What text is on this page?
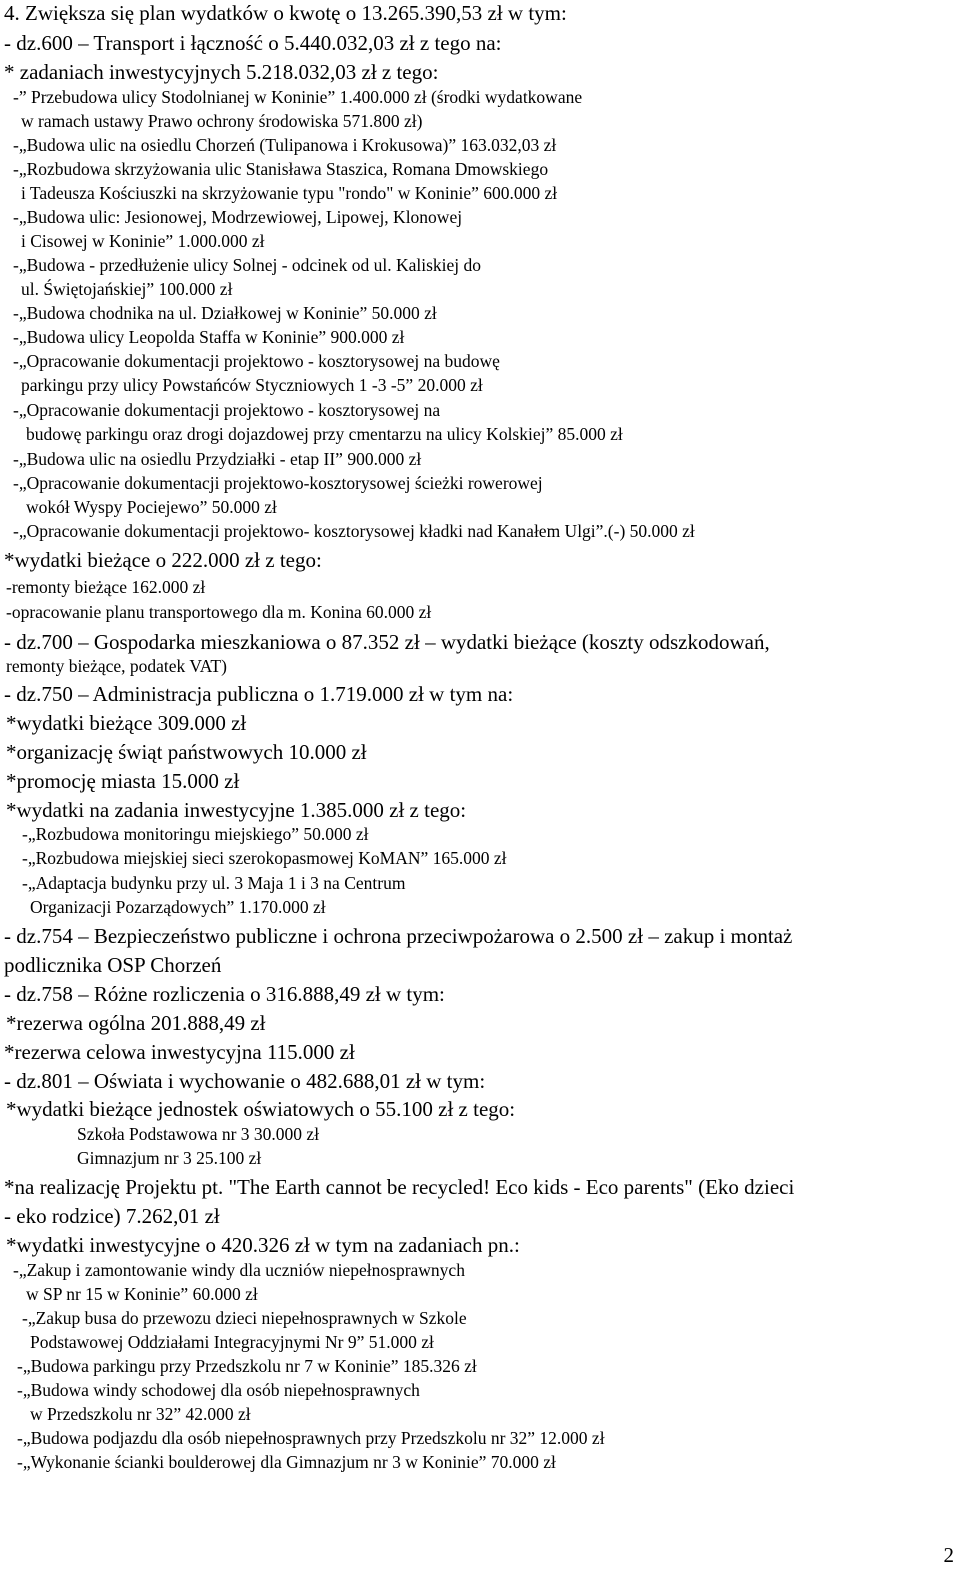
2
4. Zwiększa się plan wydatków o kwotę o 13.265.390,53 zł w tym:
- dz.600 – Transport i łączność o 5.440.032,03 zł z tego na:
* zadaniach inwestycyjnych 5.218.032,03 zł z tego:
-” Przebudowa ulicy Stodolnianej w Koninie” 1.400.000 zł (środki wydatkowane
w ramach ustawy Prawo ochrony środowiska 571.800 zł)
-„Budowa ulic na osiedlu Chorzeń (Tulipanowa i Krokusowa)” 163.032,03 zł
-„Rozbudowa skrzyżowania ulic Stanisława Staszica, Romana Dmowskiego
i Tadeusza Kościuszki na skrzyżowanie typu "rondo" w Koninie” 600.000 zł
-„Budowa ulic: Jesionowej, Modrzewiowej, Lipowej, Klonowej
i Cisowej w Koninie” 1.000.000 zł
-„Budowa - przedłużenie ulicy Solnej - odcinek od ul. Kaliskiej do
ul. Świętojańskiej” 100.000 zł
-„Budowa chodnika na ul. Działkowej w Koninie” 50.000 zł
-„Budowa ulicy Leopolda Staffa w Koninie” 900.000 zł
-„Opracowanie dokumentacji projektowo - kosztorysowej na budowę
parkingu przy ulicy Powstańców Styczniowych 1 -3 -5” 20.000 zł
-„Opracowanie dokumentacji projektowo - kosztorysowej na
budowę parkingu oraz drogi dojazdowej przy cmentarzu na ulicy Kolskiej” 85.000 zł
-„Budowa ulic na osiedlu Przydziałki - etap II” 900.000 zł
-„Opracowanie dokumentacji projektowo-kosztorysowej ścieżki rowerowej
wokół Wyspy Pociejewo” 50.000 zł
-„Opracowanie dokumentacji projektowo- kosztorysowej kładki nad Kanałem Ulgi”.(-) 50.000 zł
*wydatki bieżące o 222.000 zł z tego:
-remonty bieżące 162.000 zł
-opracowanie planu transportowego dla m. Konina 60.000 zł
- dz.700 – Gospodarka mieszkaniowa o 87.352 zł – wydatki bieżące (koszty odszkodowań,
remonty bieżące, podatek VAT)
- dz.750 – Administracja publiczna o 1.719.000 zł w tym na:
*wydatki bieżące 309.000 zł
*organizację świąt państwowych 10.000 zł
*promocję miasta 15.000 zł
*wydatki na zadania inwestycyjne 1.385.000 zł z tego:
-„Rozbudowa monitoringu miejskiego” 50.000 zł
-„Rozbudowa miejskiej sieci szerokopasmowej KoMAN” 165.000 zł
-„Adaptacja budynku przy ul. 3 Maja 1 i 3 na Centrum
Organizacji Pozarządowych” 1.170.000 zł
- dz.754 – Bezpieczeństwo publiczne i ochrona przeciwpożarowa o 2.500 zł – zakup i montaż
podlicznika OSP Chorzeń
- dz.758 – Różne rozliczenia o 316.888,49 zł w tym:
*rezerwa ogólna 201.888,49 zł
*rezerwa celowa inwestycyjna 115.000 zł
- dz.801 – Oświata i wychowanie o 482.688,01 zł w tym:
*wydatki bieżące jednostek oświatowych o 55.100 zł z tego:
Szkoła Podstawowa nr 3 30.000 zł
Gimnazjum nr 3 25.100 zł
*na realizację Projektu pt. "The Earth cannot be recycled! Eco kids - Eco parents" (Eko dzieci
- eko rodzice) 7.262,01 zł
*wydatki inwestycyjne o 420.326 zł w tym na zadaniach pn.:
-„Zakup i zamontowanie windy dla uczniów niepełnosprawnych
w SP nr 15 w Koninie” 60.000 zł
-„Zakup busa do przewozu dzieci niepełnosprawnych w Szkole
Podstawowej Oddziałami Integracyjnymi Nr 9” 51.000 zł
-„Budowa parkingu przy Przedszkolu nr 7 w Koninie” 185.326 zł
-„Budowa windy schodowej dla osób niepełnosprawnych
w Przedszkolu nr 32” 42.000 zł
-„Budowa podjazdu dla osób niepełnosprawnych przy Przedszkolu nr 32” 12.000 zł
-„Wykonanie ścianki boulderowej dla Gimnazjum nr 3 w Koninie” 70.000 zł
